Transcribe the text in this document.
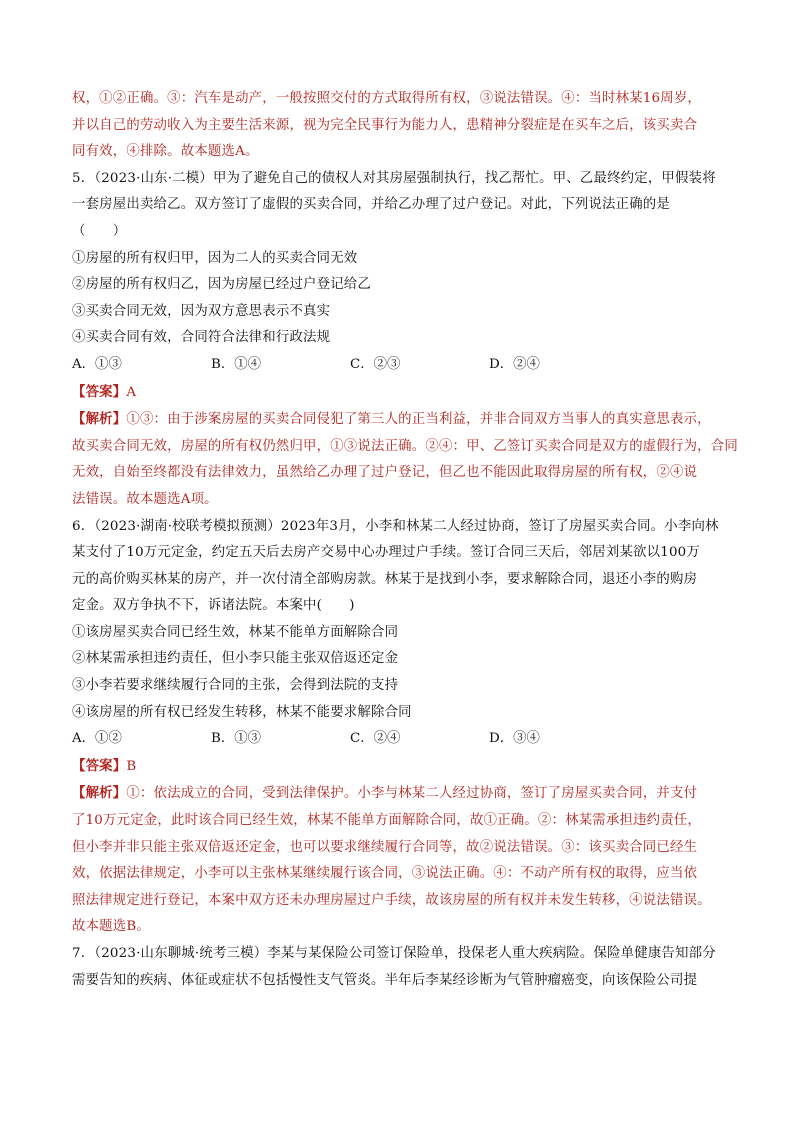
权，①②正确。③：汽车是动产，一般按照交付的方式取得所有权，③说法错误。④：当时林某16周岁，
并以自己的劳动收入为主要生活来源，视为完全民事行为能力人，患精神分裂症是在买车之后，该买卖合
同有效，④排除。故本题选A。
5．（2023·山东·二模）甲为了避免自己的债权人对其房屋强制执行，找乙帮忙。甲、乙最终约定，甲假装将
一套房屋出卖给乙。双方签订了虚假的买卖合同，并给乙办理了过户登记。对此，下列说法正确的是
（　　）
①房屋的所有权归甲，因为二人的买卖合同无效
②房屋的所有权归乙，因为房屋已经过户登记给乙
③买卖合同无效，因为双方意思表示不真实
④买卖合同有效，合同符合法律和行政法规
A．①③	B．①④	C．②③	D．②④
【答案】A
【解析】①③：由于涉案房屋的买卖合同侵犯了第三人的正当利益，并非合同双方当事人的真实意思表示，
故买卖合同无效，房屋的所有权仍然归甲，①③说法正确。②④：甲、乙签订买卖合同是双方的虚假行为，合同
无效，自始至终都没有法律效力，虽然给乙办理了过户登记，但乙也不能因此取得房屋的所有权，②④说
法错误。故本题选A项。
6．（2023·湖南·校联考模拟预测）2023年3月，小李和林某二人经过协商，签订了房屋买卖合同。小李向林
某支付了10万元定金，约定五天后去房产交易中心办理过户手续。签订合同三天后，邻居刘某欲以100万
元的高价购买林某的房产，并一次付清全部购房款。林某于是找到小李，要求解除合同，退还小李的购房
定金。双方争执不下，诉诸法院。本案中(　　)
①该房屋买卖合同已经生效，林某不能单方面解除合同
②林某需承担违约责任，但小李只能主张双倍返还定金
③小李若要求继续履行合同的主张，会得到法院的支持
④该房屋的所有权已经发生转移，林某不能要求解除合同
A．①②	B．①③	C．②④	D．③④
【答案】B
【解析】①：依法成立的合同，受到法律保护。小李与林某二人经过协商，签订了房屋买卖合同，并支付
了10万元定金，此时该合同已经生效，林某不能单方面解除合同，故①正确。②：林某需承担违约责任，
但小李并非只能主张双倍返还定金，也可以要求继续履行合同等，故②说法错误。③：该买卖合同已经生
效，依据法律规定，小李可以主张林某继续履行该合同，③说法正确。④：不动产所有权的取得，应当依
照法律规定进行登记，本案中双方还未办理房屋过户手续，故该房屋的所有权并未发生转移，④说法错误。
故本题选B。
7．（2023·山东聊城·统考三模）李某与某保险公司签订保险单，投保老人重大疾病险。保险单健康告知部分
需要告知的疾病、体征或症状不包括慢性支气管炎。半年后李某经诊断为气管肿瘤癌变，向该保险公司提
